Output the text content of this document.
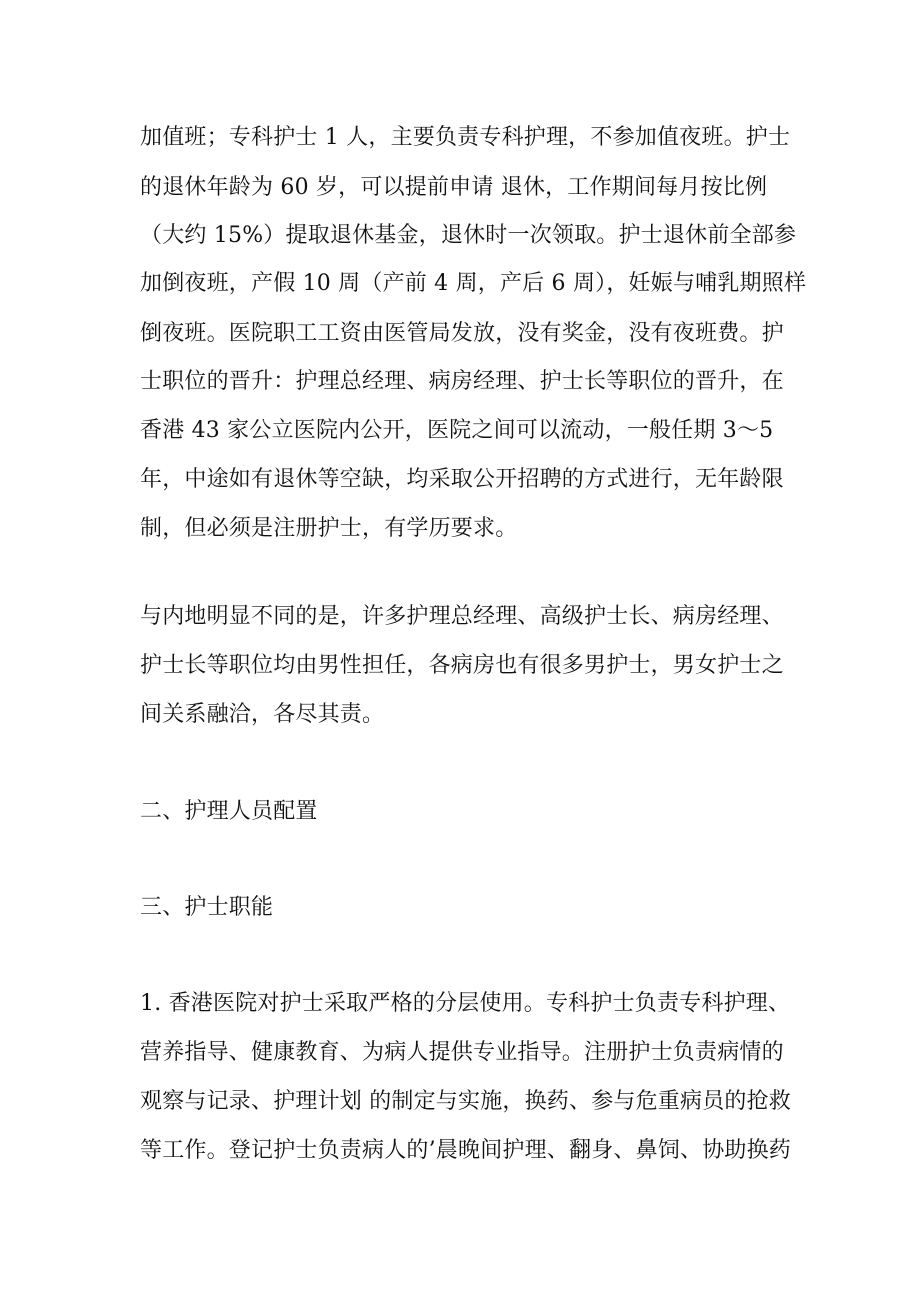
加值班；专科护士 1 人，主要负责专科护理，不参加值夜班。护士
的退休年龄为 60 岁，可以提前申请 退休，工作期间每月按比例
（大约 15%）提取退休基金，退休时一次领取。护士退休前全部参
加倒夜班，产假 10 周（产前 4 周，产后 6 周），妊娠与哺乳期照样
倒夜班。医院职工工资由医管局发放，没有奖金，没有夜班费。护
士职位的晋升：护理总经理、病房经理、护士长等职位的晋升，在
香港 43 家公立医院内公开，医院之间可以流动，一般任期 3～5
年，中途如有退休等空缺，均采取公开招聘的方式进行，无年龄限
制，但必须是注册护士，有学历要求。
与内地明显不同的是，许多护理总经理、高级护士长、病房经理、
护士长等职位均由男性担任，各病房也有很多男护士，男女护士之
间关系融洽，各尽其责。
二、护理人员配置
三、护士职能
1. 香港医院对护士采取严格的分层使用。专科护士负责专科护理、
营养指导、健康教育、为病人提供专业指导。注册护士负责病情的
观察与记录、护理计划 的制定与实施，换药、参与危重病员的抢救
等工作。登记护士负责病人的’晨晚间护理、翻身、鼻饲、协助换药
